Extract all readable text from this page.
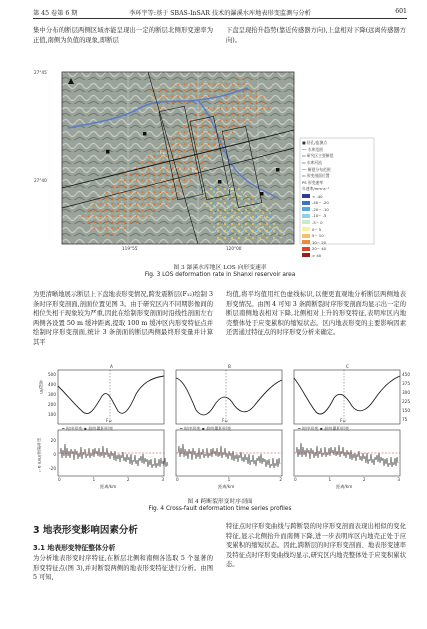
第 45 卷第 6 期	李环宇等:基于 SBAS-InSAR 技术的瀑溪水库地表形变监测与分析	601
集中分布的断层两侧区域亦能呈现出一定的断层北侧形变速率为正值,南侧为负值的现象,即断层
下盘呈现抬升趋势(靠近传感器方向),上盘相对下降(远离传感器方向)。
27°45′
27°40′
119°55′	120°00′
F₁₁
F₁₂
F₁₃
■ 钻孔/监测点
── 水库范围
▭ 研究区主要断裂
▭ 水库河流
── 断裂分布范围
▭ 形变剖面位置
PS 形变速率
年速率/mm·a⁻¹
< -40
-40~ -20
-20~ -10
-10~ -5
-5~ 0
0~ 5
5~ 10
10~ 20
20~ 40
> 40
图 3 瀑溪水库地区 LOS 向形变速率
Fig. 3 LOS deformation rate in Shanxi reservoir area
为更清晰地展示断层上下盘地表形变情况,跨发震断层(F₁₂)绘制 3 条时序形变剖面,剖面位置见图 3。由于研究区内不同期影像间的相位失相干现象较为严重,因此在绘制形变剖面时沿线性剖面左右两侧各设置 50 m 缓冲距离,提取 100 m 缓冲区内形变特征点并绘制时序形变剖面,统计 3 条剖面的断层两侧最终形变量并计算其平
均值,将平均值用红色虚线标识,以便更直观地分析断层两侧地表形变情况。由图 4 可知 3 条跨断裂时序形变剖面均显示出一定的断层南侧地表相对下降,北侧相对上升的形变特征,表明库区内地壳整体处于应变累积的缩短状态。区内地表形变的主要影响因素还需通过特征点的时序形变分析来确定。
A	B	C
高程/m
形变速率/mm·a⁻¹
━ 时序形变 ▪ 最终累积形变	━ 时序形变 ▪ 最终累积形变	━ 时序形变 ▪ 最终累积形变
F₁₂	F₁₂	F₁₂
距离/km	距离/km	距离/km
500
400
300
200
100
450
375
300
225
150
75
20
0
-20
0	1	2	3	0	1	2	0	1	2	3
图 4 跨断裂形变时序剖面
Fig. 4 Cross-fault deformation time series profiles
3 地表形变影响因素分析
3.1 地表形变特征整体分析
为分析地表形变时序特征,在断层北侧和南侧各选取 5 个显著的形变特征点(图 3),并对断裂两侧的地表形变特征进行分析。由图 5 可知,
特征点时序形变曲线与跨断裂的时序形变剖面表现出相似的变化特征,显示北侧抬升而南侧下降,进一步表明库区内地壳正处于应变累积的缩短状态。因此,跨断层的时序形变剖面、地表形变速率及特征点时序形变曲线均显示,研究区内地壳整体处于应变积累状态。
